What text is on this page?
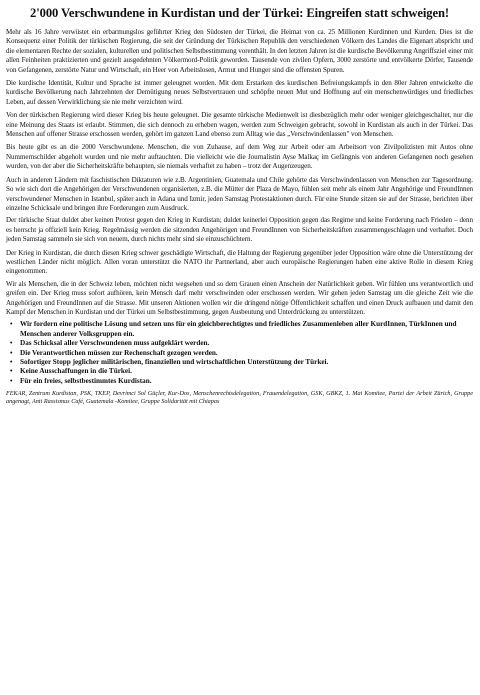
2'000 Verschwundene in Kurdistan und der Türkei: Eingreifen statt schweigen!

Mehr als 16 Jahre verwüstet ein erbarmungslos geführter Krieg den Südosten der Türkei, die Heimat von ca. 25 Millionen Kurdinnen und Kurden. Dies ist die Konsequenz einer Politik der türkischen Regierung, die seit der Gründung der Türkischen Republik den verschiedenen Völkern des Landes die Eigenart abspricht und die elementaren Rechte der sozialen, kulturellen und politischen Selbstbestimmung vorenthält. In den letzten Jahren ist die kurdische Bevölkerung Angriffsziel einer mit allen Feinheiten praktizierten und gezielt ausgedehnten Völkermord-Politik geworden. Tausende von zivilen Opfern, 3000 zerstörte und entvölkerte Dörfer, Tausende von Gefangenen, zerstörte Natur und Wirtschaft, ein Heer von Arbeitslosen, Armut und Hunger sind die offensten Spuren.

Die kurdische Identität, Kultur und Sprache ist immer geleugnet worden. Mit dem Erstarken des kurdischen Befreiungskampfs in den 80er Jahren entwickelte die kurdische Bevölkerung nach Jahrzehnten der Demütigung neues Selbstvertrauen und schöpfte neuen Mut und Hoffnung auf ein menschenwürdiges und friedliches Leben, auf dessen Verwirklichung sie nie mehr verzichten wird.

Von der türkischen Regierung wird dieser Krieg bis heute geleugnet. Die gesamte türkische Medienwelt ist diesbezüglich mehr oder weniger gleichgeschaltet, nur die eine Meinung des Staats ist erlaubt. Stimmen, die sich dennoch zu erheben wagen, werden zum Schweigen gebracht, sowohl in Kurdistan als auch in der Türkei. Das Menschen auf offener Strasse erschossen werden, gehört im ganzen Land ebenso zum Alltag wie das „Verschwindenlassen" von Menschen.

Bis heute gibt es an die 2000 Verschwundene. Menschen, die von Zuhause, auf dem Weg zur Arbeit oder am Arbeitsort von Zivilpolizisten mit Autos ohne Nummernschilder abgeholt wurden und nie mehr auftauchten. Die vielleicht wie die Journalistin Ayse Malkaç im Gefängnis von anderen Gefangenen noch gesehen wurden, von der aber die Sicherheitskräfte behaupten, sie niemals verhaftet zu haben – trotz der Augenzeugen.

Auch in anderen Ländern mit faschistischen Diktaturen wie z.B. Argentinien, Guatemala und Chile gehörte das Verschwindenlassen von Menschen zur Tagesordnung. So wie sich dort die Angehörigen der Verschwundenen organisierten, z.B. die Mütter der Plaza de Mayo, fühlen seit mehr als einem Jahr Angehörige und FreundInnen verschwundener Menschen in Istanbul, später auch in Adana und Izmir, jeden Samstag Protestaktionen durch. Für eine Stunde sitzen sie auf der Strasse, berichten über einzelne Schicksale und bringen ihre Forderungen zum Ausdruck.

Der türkische Staat duldet aber keinen Protest gegen den Krieg in Kurdistan; duldet keinerlei Opposition gegen das Regime und keine Forderung nach Frieden – denn es herrscht ja offiziell kein Krieg. Regelmässig werden die sitzenden Angehörigen und FreundInnen von Sicherheitskräften zusammengeschlagen und verhaftet. Doch jeden Samstag sammeln sie sich von neuem, durch nichts mehr sind sie einzuschüchtern.

Der Krieg in Kurdistan, die durch diesen Krieg schwer geschädigte Wirtschaft, die Haltung der Regierung gegenüber jeder Opposition wäre ohne die Unterstützung der westlichen Länder nicht möglich. Allen voran unterstützt die NATO ihr Partnerland, aber auch europäische Regierungen haben eine aktive Rolle in diesem Krieg eingenommen.

Wir als Menschen, die in der Schweiz leben, möchten nicht wegsehen und so dem Grauen einen Anschein der Natürlichkeit geben. Wir fühlen uns verantwortlich und greifen ein. Der Krieg muss sofort aufhören, kein Mensch darf mehr verschwinden oder erschossen werden. Wir gehen jeden Samstag um die gleiche Zeit wie die Angehörigen und FreundInnen auf die Strasse. Mit unseren Aktionen wollen wir die dringend nötige Öffentlichkeit schaffen und einen Druck aufbauen und damit den Kampf der Menschen in Kurdistan und der Türkei um Selbstbestimmung, gegen Ausbeutung und Unterdrückung zu unterstützen.

• Wir fordern eine politische Lösung und setzen uns für ein gleichberechtigtes und friedliches Zusammenleben aller KurdInnen, TürkInnen und Menschen anderer Volksgruppen ein.
• Das Schicksal aller Verschwundenen muss aufgeklärt werden.
• Die Verantwortlichen müssen zur Rechenschaft gezogen werden.
• Sofortiger Stopp jeglicher militärischen, finanziellen und wirtschaftlichen Unterstützung der Türkei.
• Keine Ausschaffungen in die Türkei.
• Für ein freies, selbstbestimmtes Kurdistan.

FEKAR, Zentrum Kurdistan, PSK, TKEP, Devrimci Sol Güçler, Kur-Dos, Menschenrechtsdelegation, Frauendelegation, GSK, GBKZ, 1. Mai Komitee, Partei der Arbeit Zürich, Gruppe angenagt, Anti Rassismus Café, Guatemala -Komitee, Gruppe Solidarität mit Chiapas
